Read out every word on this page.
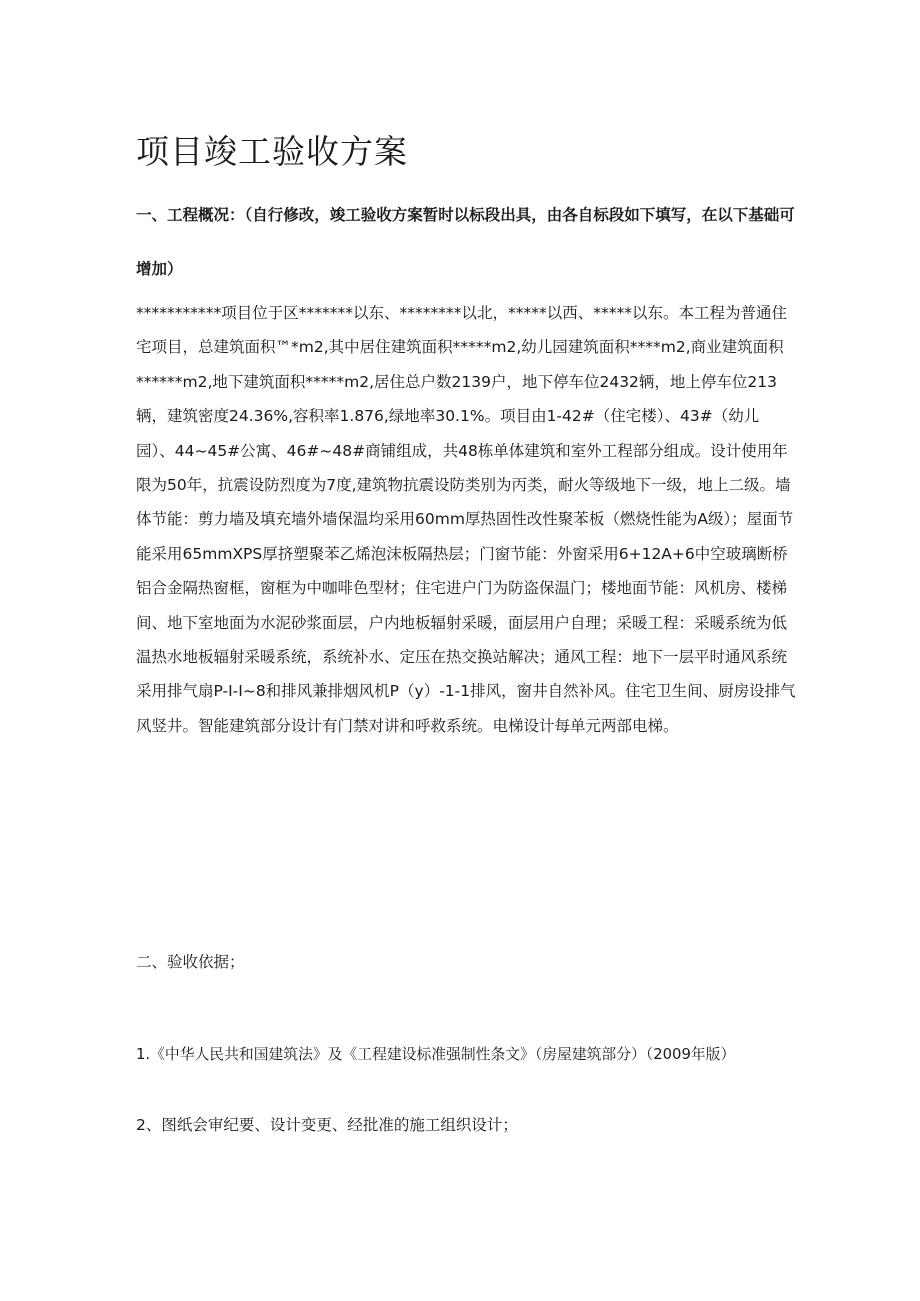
项目竣工验收方案
一、工程概况：（自行修改，竣工验收方案暂时以标段出具，由各自标段如下填写，在以下基础可增加）

***********项目位于区*******以东、********以北，*****以西、*****以东。本工程为普通住宅项目，总建筑面积™*m2,其中居住建筑面积*****m2,幼儿园建筑面积****m2,商业建筑面积******m2,地下建筑面积*****m2,居住总户数2139户，地下停车位2432辆，地上停车位213辆，建筑密度24.36%,容积率1.876,绿地率30.1%。项目由1-42#（住宅楼）、43#（幼儿园）、44~45#公寓、46#~48#商铺组成，共48栋单体建筑和室外工程部分组成。设计使用年限为50年，抗震设防烈度为7度,建筑物抗震设防类别为丙类，耐火等级地下一级，地上二级。墙体节能：剪力墙及填充墙外墙保温均采用60mm厚热固性改性聚苯板（燃烧性能为A级）；屋面节能采用65mmXPS厚挤塑聚苯乙烯泡沫板隔热层；门窗节能：外窗采用6+12A+6中空玻璃断桥铝合金隔热窗框，窗框为中咖啡色型材；住宅进户门为防盗保温门；楼地面节能：风机房、楼梯间、地下室地面为水泥砂浆面层，户内地板辐射采暖，面层用户自理；采暖工程：采暖系统为低温热水地板辐射采暖系统，系统补水、定压在热交换站解决；通风工程：地下一层平时通风系统采用排气扇P-I-I~8和排风兼排烟风机P（y）-1-1排风，窗井自然补风。住宅卫生间、厨房设排气风竖井。智能建筑部分设计有门禁对讲和呼救系统。电梯设计每单元两部电梯。

二、验收依据；

1.《中华人民共和国建筑法》及《工程建设标准强制性条文》（房屋建筑部分）（2009年版）

2、图纸会审纪要、设计变更、经批准的施工组织设计；
